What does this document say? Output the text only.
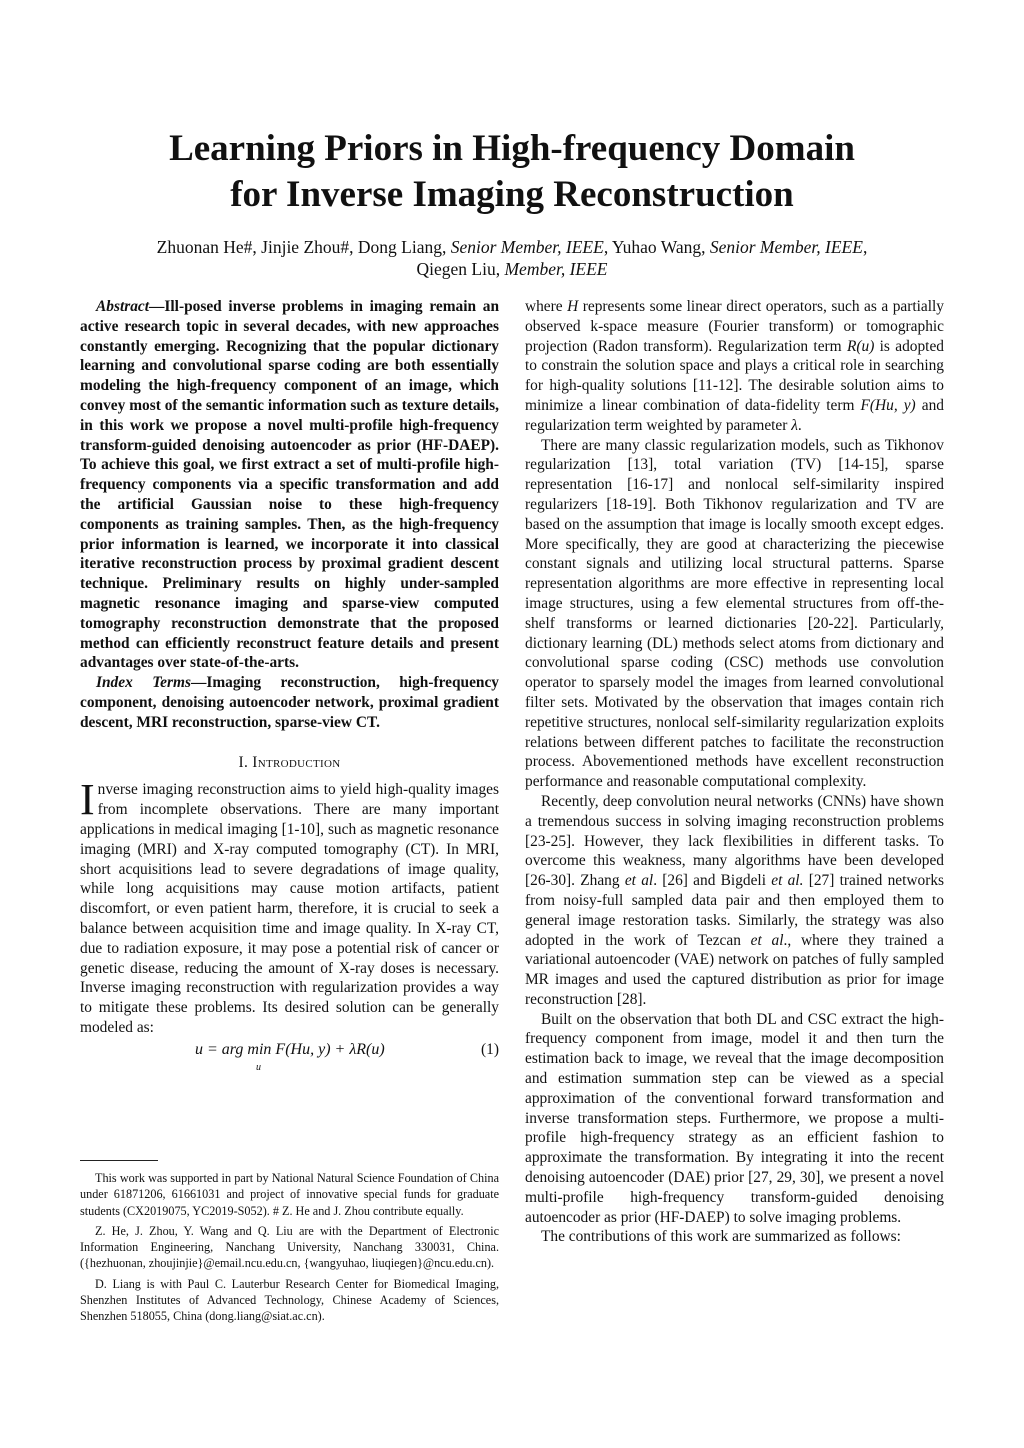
Learning Priors in High-frequency Domain
for Inverse Imaging Reconstruction
Zhuonan He#, Jinjie Zhou#, Dong Liang, Senior Member, IEEE, Yuhao Wang, Senior Member, IEEE,
Qiegen Liu, Member, IEEE

Abstract—Ill-posed inverse problems in imaging remain an active research topic in several decades, with new approaches constantly emerging. Recognizing that the popular dictionary learning and convolutional sparse coding are both essentially modeling the high-frequency component of an image, which convey most of the semantic information such as texture details, in this work we propose a novel multi-profile high-frequency transform-guided denoising autoencoder as prior (HF-DAEP). To achieve this goal, we first extract a set of multi-profile high-frequency components via a specific transformation and add the artificial Gaussian noise to these high-frequency components as training samples. Then, as the high-frequency prior information is learned, we incorporate it into classical iterative reconstruction process by proximal gradient descent technique. Preliminary results on highly under-sampled magnetic resonance imaging and sparse-view computed tomography reconstruction demonstrate that the proposed method can efficiently reconstruct feature details and present advantages over state-of-the-arts.

Index Terms—Imaging reconstruction, high-frequency component, denoising autoencoder network, proximal gradient descent, MRI reconstruction, sparse-view CT.

I. Introduction

Inverse imaging reconstruction aims to yield high-quality images from incomplete observations. There are many important applications in medical imaging [1-10], such as magnetic resonance imaging (MRI) and X-ray computed tomography (CT). In MRI, short acquisitions lead to severe degradations of image quality, while long acquisitions may cause motion artifacts, patient discomfort, or even patient harm, therefore, it is crucial to seek a balance between acquisition time and image quality. In X-ray CT, due to radiation exposure, it may pose a potential risk of cancer or genetic disease, reducing the amount of X-ray doses is necessary. Inverse imaging reconstruction with regularization provides a way to mitigate these problems. Its desired solution can be generally modeled as:

u = arg min F(Hu, y) + λR(u)
u
(1)

This work was supported in part by National Natural Science Foundation of China under 61871206, 61661031 and project of innovative special funds for graduate students (CX2019075, YC2019-S052). # Z. He and J. Zhou contribute equally.

Z. He, J. Zhou, Y. Wang and Q. Liu are with the Department of Electronic Information Engineering, Nanchang University, Nanchang 330031, China. ({hezhuonan, zhoujinjie}@email.ncu.edu.cn, {wangyuhao, liuqiegen}@ncu.edu.cn).

D. Liang is with Paul C. Lauterbur Research Center for Biomedical Imaging, Shenzhen Institutes of Advanced Technology, Chinese Academy of Sciences, Shenzhen 518055, China (dong.liang@siat.ac.cn).

where H represents some linear direct operators, such as a partially observed k-space measure (Fourier transform) or tomographic projection (Radon transform). Regularization term R(u) is adopted to constrain the solution space and plays a critical role in searching for high-quality solutions [11-12]. The desirable solution aims to minimize a linear combination of data-fidelity term F(Hu, y) and regularization term weighted by parameter λ.

There are many classic regularization models, such as Tikhonov regularization [13], total variation (TV) [14-15], sparse representation [16-17] and nonlocal self-similarity inspired regularizers [18-19]. Both Tikhonov regularization and TV are based on the assumption that image is locally smooth except edges. More specifically, they are good at characterizing the piecewise constant signals and utilizing local structural patterns. Sparse representation algorithms are more effective in representing local image structures, using a few elemental structures from off-the-shelf transforms or learned dictionaries [20-22]. Particularly, dictionary learning (DL) methods select atoms from dictionary and convolutional sparse coding (CSC) methods use convolution operator to sparsely model the images from learned convolutional filter sets. Motivated by the observation that images contain rich repetitive structures, nonlocal self-similarity regularization exploits relations between different patches to facilitate the reconstruction process. Abovementioned methods have excellent reconstruction performance and reasonable computational complexity.

Recently, deep convolution neural networks (CNNs) have shown a tremendous success in solving imaging reconstruction problems [23-25]. However, they lack flexibilities in different tasks. To overcome this weakness, many algorithms have been developed [26-30]. Zhang et al. [26] and Bigdeli et al. [27] trained networks from noisy-full sampled data pair and then employed them to general image restoration tasks. Similarly, the strategy was also adopted in the work of Tezcan et al., where they trained a variational autoencoder (VAE) network on patches of fully sampled MR images and used the captured distribution as prior for image reconstruction [28].

Built on the observation that both DL and CSC extract the high-frequency component from image, model it and then turn the estimation back to image, we reveal that the image decomposition and estimation summation step can be viewed as a special approximation of the conventional forward transformation and inverse transformation steps. Furthermore, we propose a multi-profile high-frequency strategy as an efficient fashion to approximate the transformation. By integrating it into the recent denoising autoencoder (DAE) prior [27, 29, 30], we present a novel multi-profile high-frequency transform-guided denoising autoencoder as prior (HF-DAEP) to solve imaging problems.

The contributions of this work are summarized as follows:
